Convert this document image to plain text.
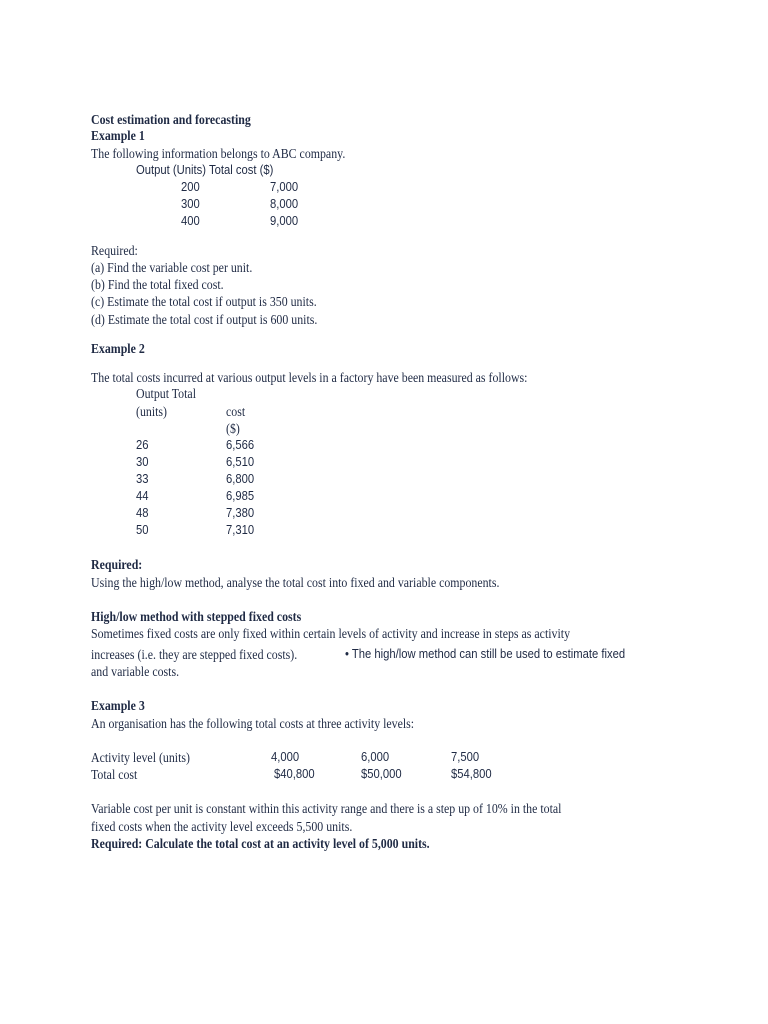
Cost estimation and forecasting
Example 1
The following information belongs to ABC company.
Output (Units) Total cost ($)
200	7,000
300	8,000
400	9,000
Required:
(a) Find the variable cost per unit.
(b) Find the total fixed cost.
(c) Estimate the total cost if output is 350 units.
(d) Estimate the total cost if output is 600 units.
Example 2
The total costs incurred at various output levels in a factory have been measured as follows:
Output Total
(units)	cost
($)
26	6,566
30	6,510
33	6,800
44	6,985
48	7,380
50	7,310
Required:
Using the high/low method, analyse the total cost into fixed and variable components.
High/low method with stepped fixed costs
Sometimes fixed costs are only fixed within certain levels of activity and increase in steps as activity
increases (i.e. they are stepped fixed costs).	• The high/low method can still be used to estimate fixed
and variable costs.
Example 3
An organisation has the following total costs at three activity levels:
Activity level (units)	4,000	6,000	7,500
Total cost	$40,800	$50,000	$54,800
Variable cost per unit is constant within this activity range and there is a step up of 10% in the total
fixed costs when the activity level exceeds 5,500 units.
Required: Calculate the total cost at an activity level of 5,000 units.
